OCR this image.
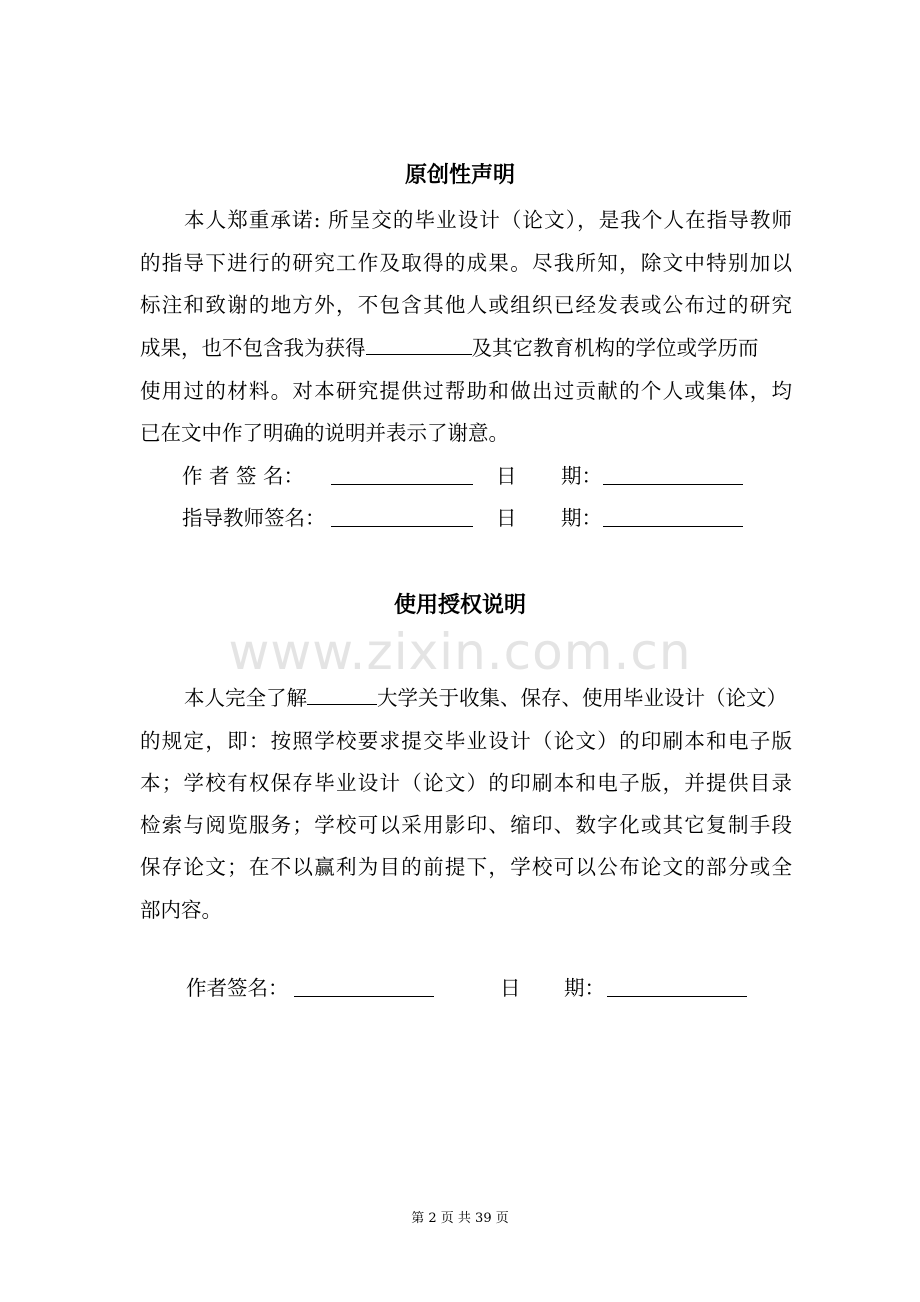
www.zixin.com.cn
原创性声明
本人郑重承诺: 所呈交的毕业设计（论文），是我个人在指导教师
的指导下进行的研究工作及取得的成果。尽我所知，除文中特别加以
标注和致谢的地方外，不包含其他人或组织已经发表或公布过的研究
成果，也不包含我为获得	及其它教育机构的学位或学历而
使用过的材料。对本研究提供过帮助和做出过贡献的个人或集体，均
已在文中作了明确的说明并表示了谢意。
作 者 签 名：	日 期：
指导教师签名：	日 期：
使用授权说明
本人完全了解	大学关于收集、保存、使用毕业设计（论文）
的规定，即：按照学校要求提交毕业设计（论文）的印刷本和电子版
本；学校有权保存毕业设计（论文）的印刷本和电子版，并提供目录
检索与阅览服务；学校可以采用影印、缩印、数字化或其它复制手段
保存论文；在不以赢利为目的前提下，学校可以公布论文的部分或全
部内容。
作者签名：	日 期：
第 2 页 共 39 页
